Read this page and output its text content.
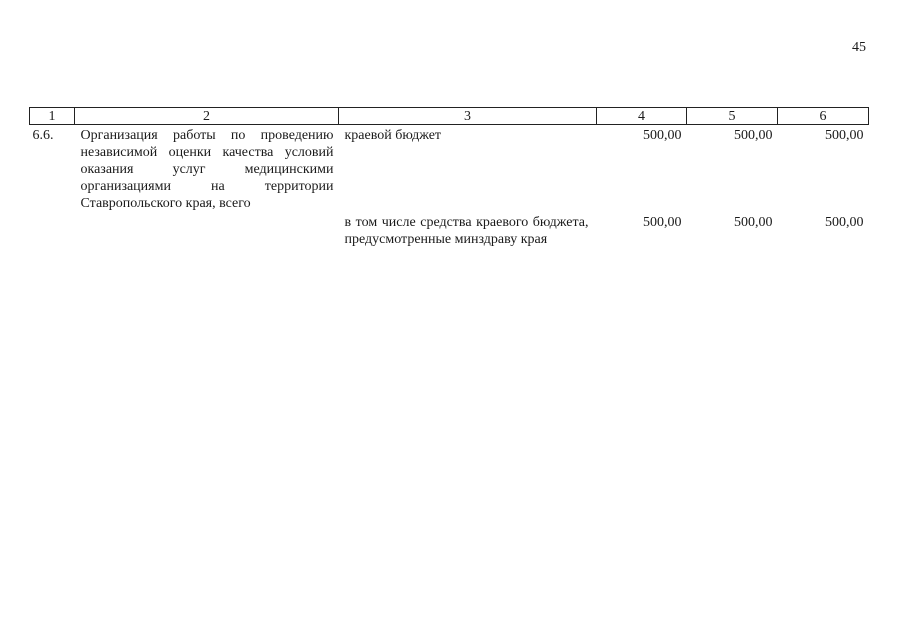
45
1	2	3	4	5	6
6.6.	Организация работы по проведению независимой оценки качества условий оказания услуг медицинскими организациями на территории Ставропольского края, всего	краевой бюджет	500,00	500,00	500,00
		в том числе средства краевого бюджета, предусмотренные минздраву края	500,00	500,00	500,00
